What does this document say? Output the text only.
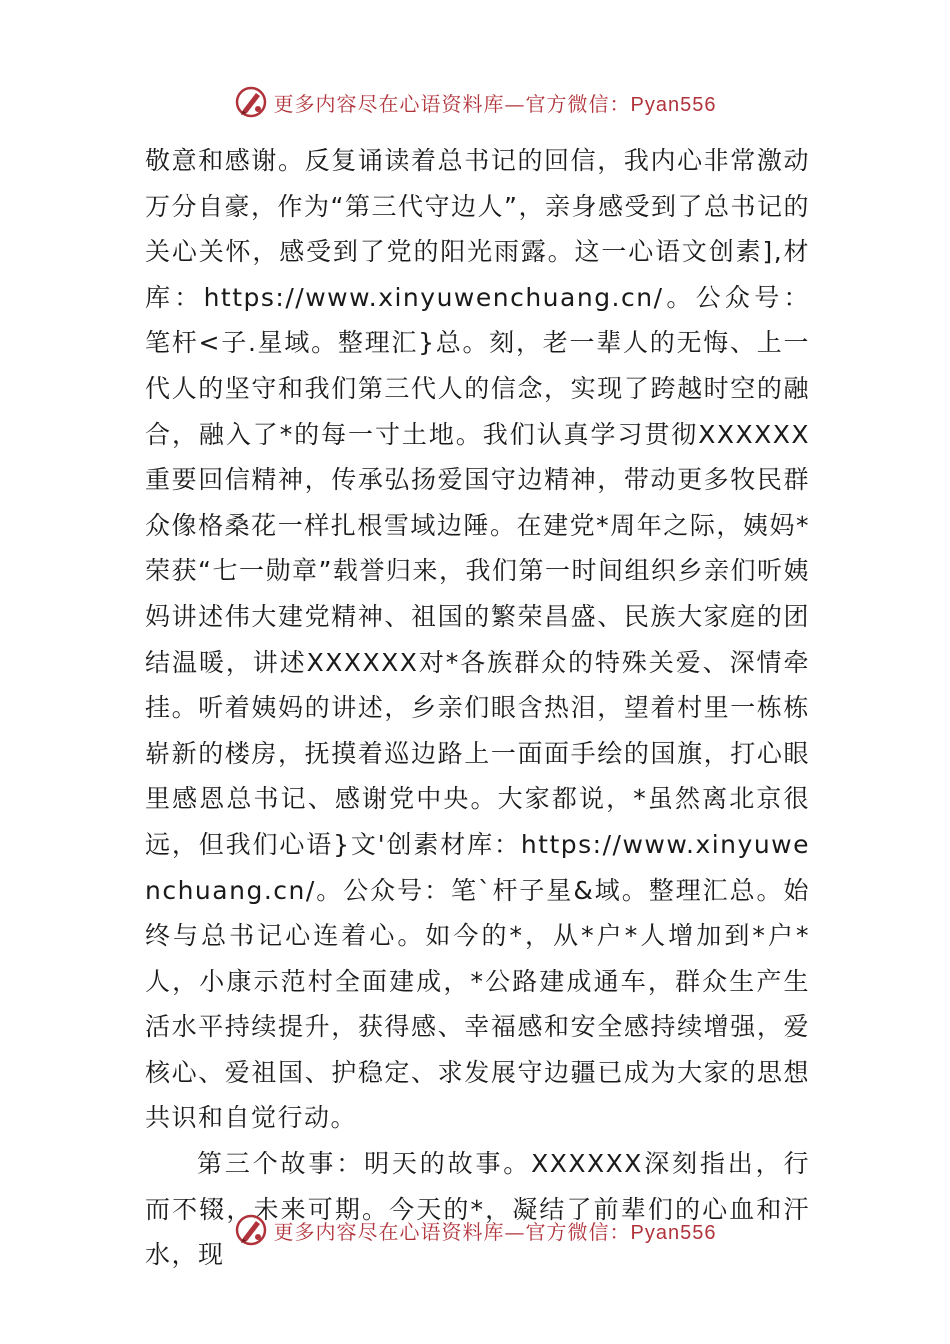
更多内容尽在心语资料库—官方微信：Pyan556

敬意和感谢。反复诵读着总书记的回信，我内心非常激动万分自豪，作为“第三代守边人”，亲身感受到了总书记的关心关怀，感受到了党的阳光雨露。这一心语文创素],材库：https://www.xinyuwenchuang.cn/。公众号：笔杆<子.星域。整理汇}总。刻，老一辈人的无悔、上一代人的坚守和我们第三代人的信念，实现了跨越时空的融合，融入了*的每一寸土地。我们认真学习贯彻XXXXXX重要回信精神，传承弘扬爱国守边精神，带动更多牧民群众像格桑花一样扎根雪域边陲。在建党*周年之际，姨妈*荣获“七一勋章”载誉归来，我们第一时间组织乡亲们听姨妈讲述伟大建党精神、祖国的繁荣昌盛、民族大家庭的团结温暖，讲述XXXXXX对*各族群众的特殊关爱、深情牵挂。听着姨妈的讲述，乡亲们眼含热泪，望着村里一栋栋崭新的楼房，抚摸着巡边路上一面面手绘的国旗，打心眼里感恩总书记、感谢党中央。大家都说，*虽然离北京很远，但我们心语}文'创素材库：https://www.xinyuwenchuang.cn/。公众号：笔`杆子星&域。整理汇总。始终与总书记心连着心。如今的*，从*户*人增加到*户*人，小康示范村全面建成，*公路建成通车，群众生产生活水平持续提升，获得感、幸福感和安全感持续增强，爱核心、爱祖国、护稳定、求发展守边疆已成为大家的思想共识和自觉行动。

第三个故事：明天的故事。XXXXXX深刻指出，行而不辍，未来可期。今天的*，凝结了前辈们的心血和汗水，现

更多内容尽在心语资料库—官方微信：Pyan556
